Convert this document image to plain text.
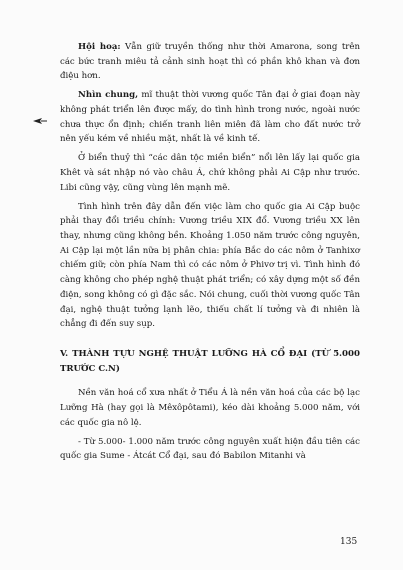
Hội hoạ: Vẫn giữ truyền thống như thời Amarona, song trên các bức tranh miêu tả cảnh sinh hoạt thì có phần khô khan và đơn điệu hơn.

Nhìn chung, mĩ thuật thời vương quốc Tân đại ở giai đoạn này không phát triển lên được mấy, do tình hình trong nước, ngoài nước chưa thực ổn định; chiến tranh liên miên đã làm cho đất nước trở nên yếu kém về nhiều mặt, nhất là về kinh tế.

Ở biển thuỷ thì “các dân tộc miền biển” nổi lên lấy lại quốc gia Khêt và sát nhập nó vào châu Á, chứ không phải Ai Cập như trước. Libi cũng vậy, cũng vùng lên mạnh mẽ.

Tình hình trên đây dẫn đến việc làm cho quốc gia Ai Cập buộc phải thay đổi triều chính: Vương triều XIX đổ. Vương triều XX lên thay, nhưng cũng không bền. Khoảng 1.050 năm trước công nguyên, Ai Cập lại một lần nữa bị phân chia: phía Bắc do các nôm ở Tanhixơ chiếm giữ; còn phía Nam thì có các nôm ở Phivơ trị vì. Tình hình đó càng không cho phép nghệ thuật phát triển; có xây dựng một số đền điện, song không có gì đặc sắc. Nói chung, cuối thời vương quốc Tân đại, nghệ thuật tưởng lạnh lẽo, thiếu chất lí tưởng và đi nhiên là chẳng đi đến suy sụp.

V. THÀNH TỰU NGHỆ THUẬT LƯỠNG HÀ CỔ ĐẠI (TỪ 5.000 TRƯỚC C.N)

Nền văn hoá cổ xưa nhất ở Tiểu Á là nền văn hoá của các bộ lạc Lưỡng Hà (hay gọi là Mêxôpôtami), kéo dài khoảng 5.000 năm, với các quốc gia nô lệ.

- Từ 5.000- 1.000 năm trước công nguyên xuất hiện đầu tiên các quốc gia Sume - Átcát Cổ đại, sau đó Babilon Mitanhi và

135
